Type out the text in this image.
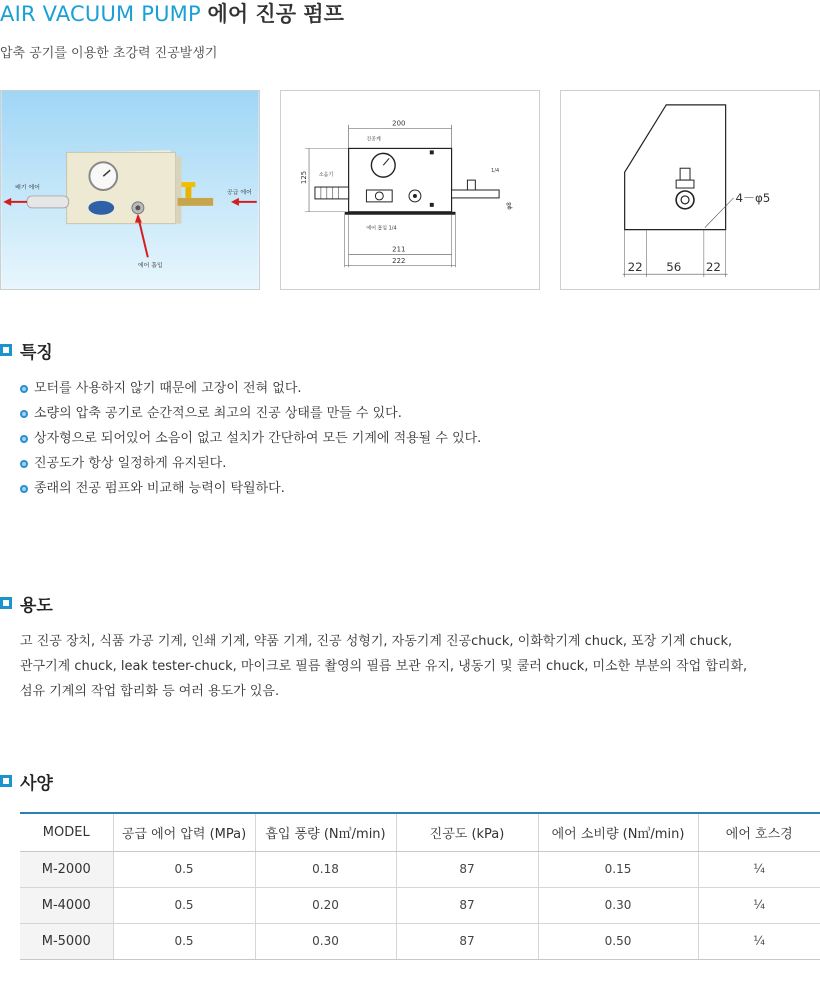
AIR VACUUM PUMP 에어 진공 펌프
압축 공기를 이용한 초강력 진공발생기
배기 에어
공급 에어
에어 흡입
200
진공계
소음기
1/4
φ8
125
에어 흡입 1/4
211
222
4－φ5
22 56 22
특징
모터를 사용하지 않기 때문에 고장이 전혀 없다.
소량의 압축 공기로 순간적으로 최고의 진공 상태를 만들 수 있다.
상자형으로 되어있어 소음이 없고 설치가 간단하여 모든 기계에 적용될 수 있다.
진공도가 항상 일정하게 유지된다.
종래의 전공 펌프와 비교해 능력이 탁월하다.
용도
고 진공 장치, 식품 가공 기계, 인쇄 기계, 약품 기계, 진공 성형기, 자동기계 진공chuck, 이화학기계 chuck, 포장 기계 chuck,
관구기계 chuck, leak tester-chuck, 마이크로 필름 촬영의 필름 보관 유지, 냉동기 및 쿨러 chuck, 미소한 부분의 작업 합리화,
섬유 기계의 작업 합리화 등 여러 용도가 있음.
사양
MODEL	공급 에어 압력 (MPa)	흡입 풍량 (N㎥/min)	진공도 (kPa)	에어 소비량 (N㎥/min)	에어 호스경
M-2000	0.5	0.18	87	0.15	¼
M-4000	0.5	0.20	87	0.30	¼
M-5000	0.5	0.30	87	0.50	¼
